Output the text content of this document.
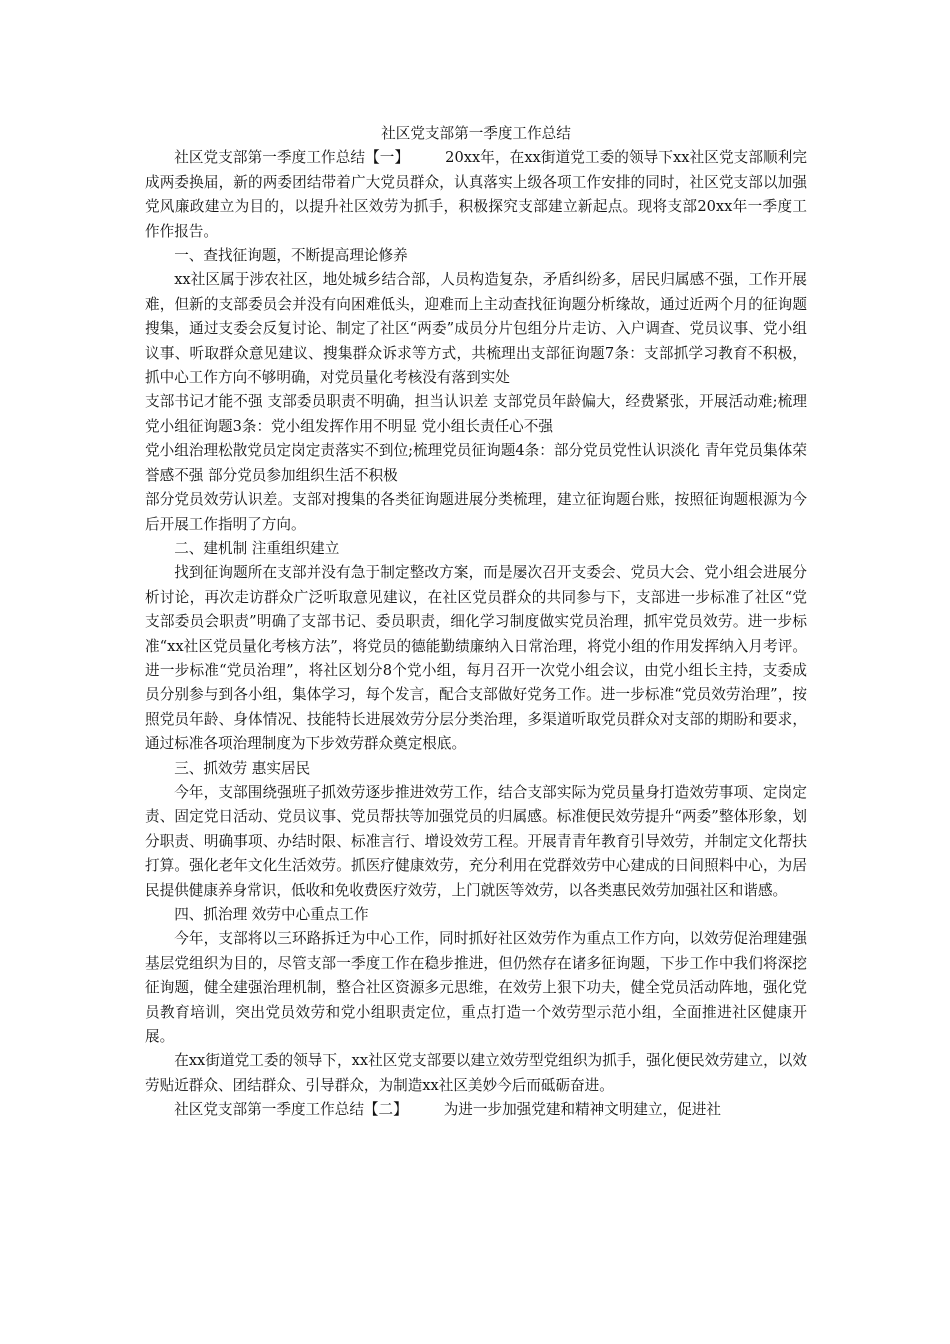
社区党支部第一季度工作总结

社区党支部第一季度工作总结【一】 20xx年，在xx街道党工委的领导下xx社区党支部顺利完成两委换届，新的两委团结带着广大党员群众，认真落实上级各项工作安排的同时，社区党支部以加强党风廉政建立为目的，以提升社区效劳为抓手，积极探究支部建立新起点。现将支部20xx年一季度工作作报告。

一、查找征询题，不断提高理论修养

xx社区属于涉农社区，地处城乡结合部，人员构造复杂，矛盾纠纷多，居民归属感不强，工作开展难，但新的支部委员会并没有向困难低头，迎难而上主动查找征询题分析缘故，通过近两个月的征询题搜集，通过支委会反复讨论、制定了社区“两委”成员分片包组分片走访、入户调查、党员议事、党小组议事、听取群众意见建议、搜集群众诉求等方式，共梳理出支部征询题7条：支部抓学习教育不积极，抓中心工作方向不够明确，对党员量化考核没有落到实处

支部书记才能不强 支部委员职责不明确，担当认识差 支部党员年龄偏大，经费紧张，开展活动难;梳理党小组征询题3条：党小组发挥作用不明显 党小组长责任心不强

党小组治理松散党员定岗定责落实不到位;梳理党员征询题4条：部分党员党性认识淡化 青年党员集体荣誉感不强 部分党员参加组织生活不积极

部分党员效劳认识差。支部对搜集的各类征询题进展分类梳理，建立征询题台账，按照征询题根源为今后开展工作指明了方向。

二、建机制 注重组织建立

找到征询题所在支部并没有急于制定整改方案，而是屡次召开支委会、党员大会、党小组会进展分析讨论，再次走访群众广泛听取意见建议，在社区党员群众的共同参与下，支部进一步标准了社区“党支部委员会职责”明确了支部书记、委员职责，细化学习制度做实党员治理，抓牢党员效劳。进一步标准“xx社区党员量化考核方法”，将党员的德能勤绩廉纳入日常治理，将党小组的作用发挥纳入月考评。进一步标准“党员治理”，将社区划分8个党小组，每月召开一次党小组会议，由党小组长主持，支委成员分别参与到各小组，集体学习，每个发言，配合支部做好党务工作。进一步标准“党员效劳治理”，按照党员年龄、身体情况、技能特长进展效劳分层分类治理，多渠道听取党员群众对支部的期盼和要求，通过标准各项治理制度为下步效劳群众奠定根底。

三、抓效劳 惠实居民

今年，支部围绕强班子抓效劳逐步推进效劳工作，结合支部实际为党员量身打造效劳事项、定岗定责、固定党日活动、党员议事、党员帮扶等加强党员的归属感。标准便民效劳提升“两委”整体形象，划分职责、明确事项、办结时限、标准言行、增设效劳工程。开展青青年教育引导效劳，并制定文化帮扶打算。强化老年文化生活效劳。抓医疗健康效劳，充分利用在党群效劳中心建成的日间照料中心，为居民提供健康养身常识，低收和免收费医疗效劳，上门就医等效劳，以各类惠民效劳加强社区和谐感。

四、抓治理 效劳中心重点工作

今年，支部将以三环路拆迁为中心工作，同时抓好社区效劳作为重点工作方向，以效劳促治理建强基层党组织为目的，尽管支部一季度工作在稳步推进，但仍然存在诸多征询题，下步工作中我们将深挖征询题，健全建强治理机制，整合社区资源多元思维，在效劳上狠下功夫，健全党员活动阵地，强化党员教育培训，突出党员效劳和党小组职责定位，重点打造一个效劳型示范小组，全面推进社区健康开展。

在xx街道党工委的领导下，xx社区党支部要以建立效劳型党组织为抓手，强化便民效劳建立，以效劳贴近群众、团结群众、引导群众，为制造xx社区美妙今后而砥砺奋进。

社区党支部第一季度工作总结【二】 为进一步加强党建和精神文明建立，促进社
